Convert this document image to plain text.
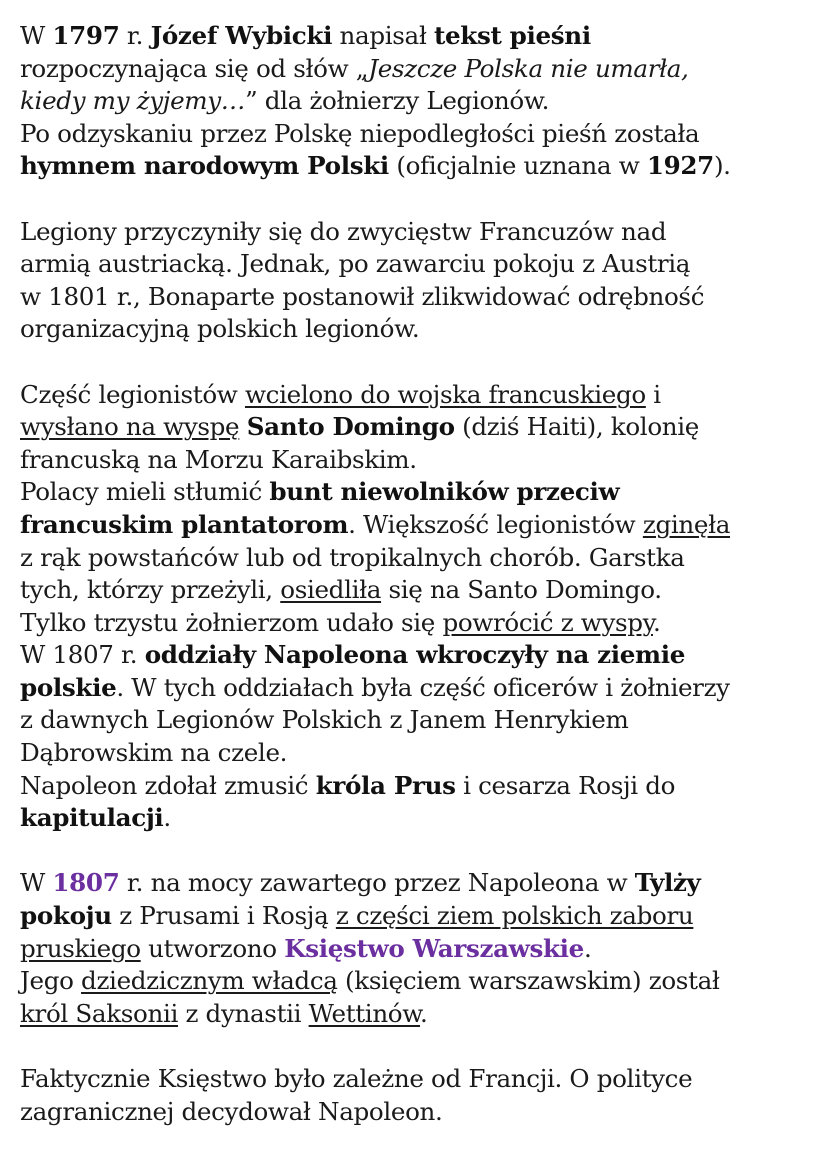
W 1797 r. Józef Wybicki napisał tekst pieśni

rozpoczynająca się od słów „Jeszcze Polska nie umarła,

kiedy my żyjemy…” dla żołnierzy Legionów.

Po odzyskaniu przez Polskę niepodległości pieśń została

hymnem narodowym Polski (oficjalnie uznana w 1927).

Legiony przyczyniły się do zwycięstw Francuzów nad

armią austriacką. Jednak, po zawarciu pokoju z Austrią

w 1801 r., Bonaparte postanowił zlikwidować odrębność

organizacyjną polskich legionów.

Część legionistów wcielono do wojska francuskiego i

wysłano na wyspę Santo Domingo (dziś Haiti), kolonię

francuską na Morzu Karaibskim.

Polacy mieli stłumić bunt niewolników przeciw

francuskim plantatorom. Większość legionistów zginęła

z rąk powstańców lub od tropikalnych chorób. Garstka

tych, którzy przeżyli, osiedliła się na Santo Domingo.

Tylko trzystu żołnierzom udało się powrócić z wyspy.

W 1807 r. oddziały Napoleona wkroczyły na ziemie

polskie. W tych oddziałach była część oficerów i żołnierzy

z dawnych Legionów Polskich z Janem Henrykiem

Dąbrowskim na czele.

Napoleon zdołał zmusić króla Prus i cesarza Rosji do

kapitulacji.

W 1807 r. na mocy zawartego przez Napoleona w Tylży

pokoju z Prusami i Rosją z części ziem polskich zaboru

pruskiego utworzono Księstwo Warszawskie.

Jego dziedzicznym władcą (księciem warszawskim) został

król Saksonii z dynastii Wettinów.

Faktycznie Księstwo było zależne od Francji. O polityce

zagranicznej decydował Napoleon.
